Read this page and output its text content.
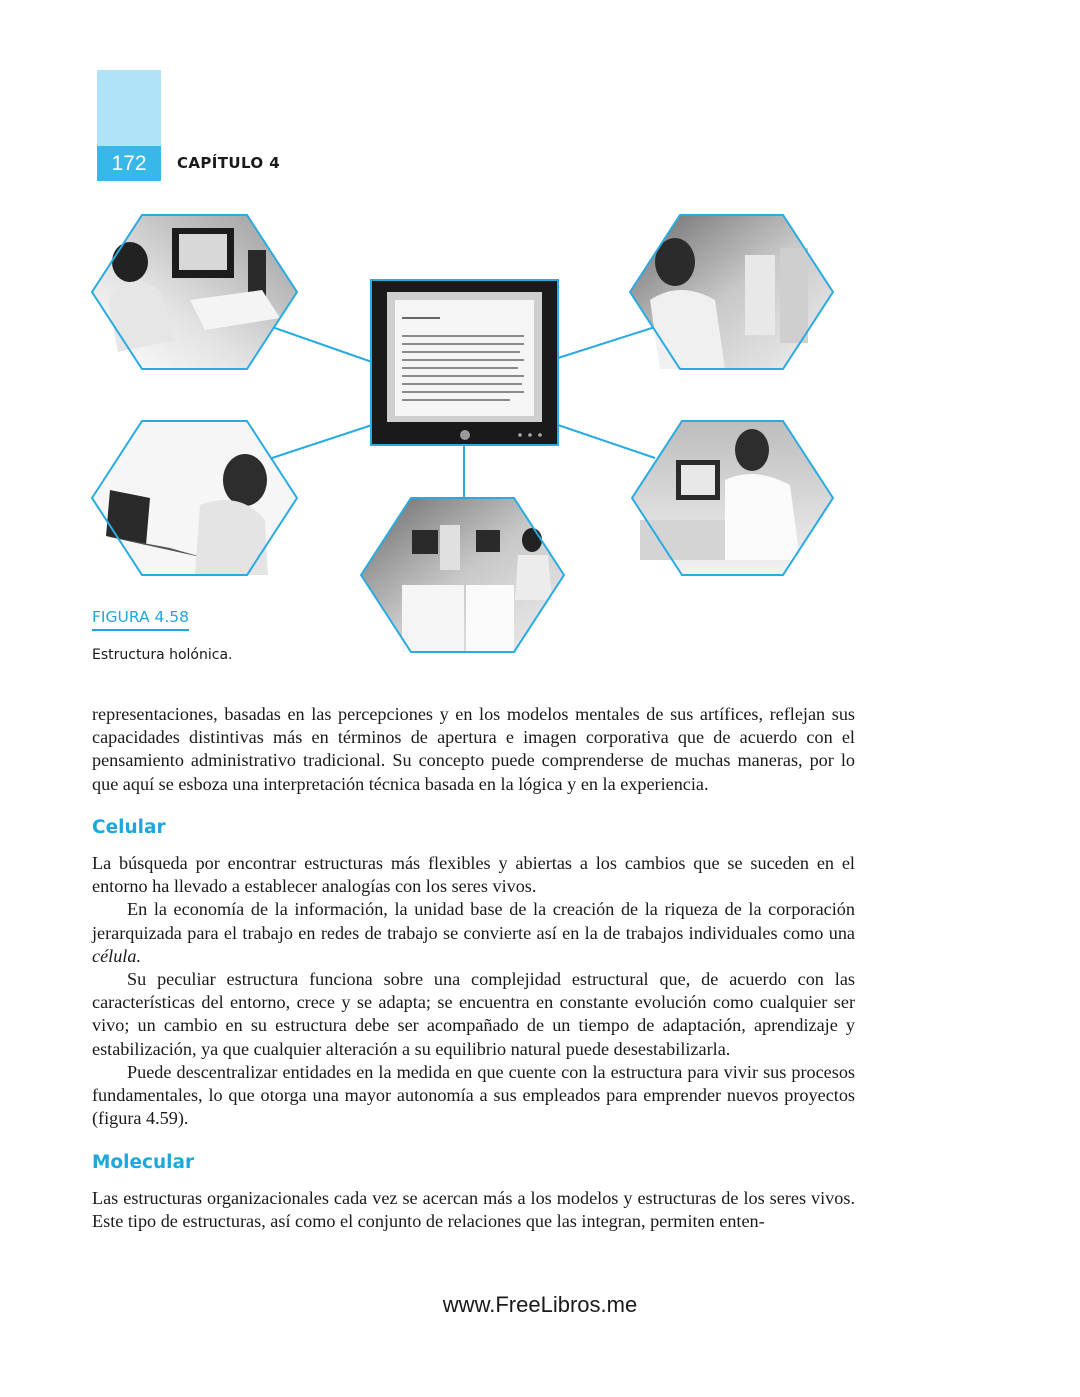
172	CAPÍTULO 4
FIGURA 4.58
Estructura holónica.

representaciones, basadas en las percepciones y en los modelos mentales de sus artífices, reflejan sus capacidades distintivas más en términos de apertura e imagen corporativa que de acuerdo con el pensamiento administrativo tradicional. Su concepto puede comprenderse de muchas maneras, por lo que aquí se esboza una interpretación técnica basada en la lógica y en la experiencia.

Celular

La búsqueda por encontrar estructuras más flexibles y abiertas a los cambios que se suceden en el entorno ha llevado a establecer analogías con los seres vivos.

En la economía de la información, la unidad base de la creación de la riqueza de la corporación jerarquizada para el trabajo en redes de trabajo se convierte así en la de trabajos individuales como una célula.

Su peculiar estructura funciona sobre una complejidad estructural que, de acuerdo con las características del entorno, crece y se adapta; se encuentra en constante evolución como cualquier ser vivo; un cambio en su estructura debe ser acompañado de un tiempo de adaptación, aprendizaje y estabilización, ya que cualquier alteración a su equilibrio natural puede desestabilizarla.

Puede descentralizar entidades en la medida en que cuente con la estructura para vivir sus procesos fundamentales, lo que otorga una mayor autonomía a sus empleados para emprender nuevos proyectos (figura 4.59).

Molecular

Las estructuras organizacionales cada vez se acercan más a los modelos y estructuras de los seres vivos. Este tipo de estructuras, así como el conjunto de relaciones que las integran, permiten enten-

www.FreeLibros.me
